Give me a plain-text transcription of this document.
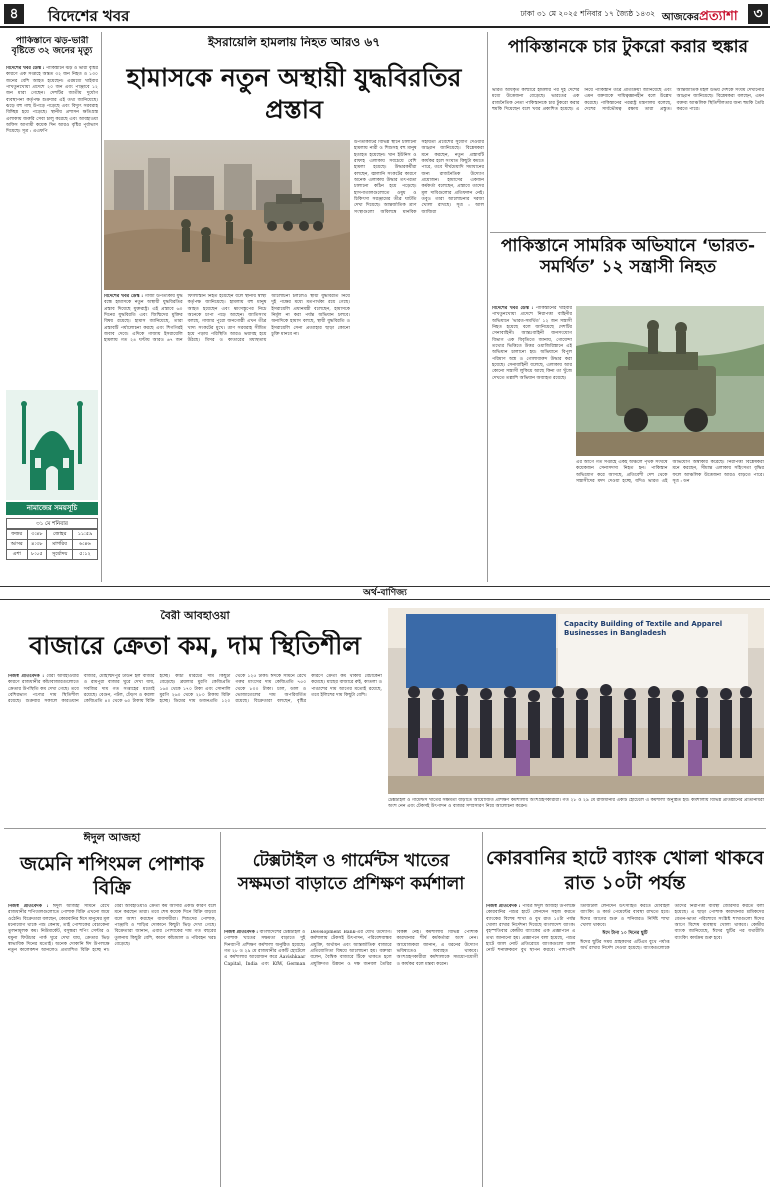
৪	বিদেশের খবর	ঢাকা ৩১ মে ২০২৫ শনিবার ১৭ জ্যৈষ্ঠ ১৪৩২ আজকেরপ্রত্যাশা	৩
পাকিস্তানে ঝড়-ভারী বৃষ্টিতে ৩২ জনের মৃত্যু
বিদেশের খবর ডেস্ক : পাকিস্তানে ঝড় ও ভারী বৃষ্টির কারণে এক সপ্তাহে অন্তত ৩২ জন নিহত ও ১৩০ জনের বেশি আহত হয়েছেন। এরমধ্যে খাইবার পাখতুনখোয়া প্রদেশে ২০ জন এবং পাঞ্জাবে ১২ জন মারা গেছেন। দেশটির জাতীয় দুর্যোগ ব্যবস্থাপনা কর্তৃপক্ষ শুক্রবার এই তথ্য জানিয়েছে। ঝড়ে বহু গাছ উপড়ে পড়েছে এবং বিদ্যুৎ সরবরাহ বিচ্ছিন্ন হয়ে পড়েছে। স্থানীয় প্রশাসন ক্ষতিগ্রস্ত এলাকায় জরুরি সেবা চালু করেছে এবং আবহাওয়া অফিস আগামী কয়েক দিন আরও বৃষ্টির পূর্বাভাস দিয়েছে। সূত্র : এএফপি
নামাজের সময়সূচি
৩১ মে শনিবার
ফজর	৩:৪৮	জোহর	১১:৫৯
আসর	৪:৩৮	মাগরিব	৬:৪৬
এশা	৮:০৫	সূর্যোদয়	৫:১২
ইসরায়েলি হামলায় নিহত আরও ৬৭
হামাসকে নতুন অস্থায়ী যুদ্ধবিরতির প্রস্তাব
বিদেশের খবর ডেস্ক : গাজা উপত্যকায় যুদ্ধ বন্ধে হামাসকে নতুন অস্থায়ী যুদ্ধবিরতির প্রস্তাব দিয়েছে যুক্তরাষ্ট্র। এই প্রস্তাবে ৬০ দিনের যুদ্ধবিরতি এবং জিম্মিদের মুক্তির বিষয় রয়েছে। হামাস জানিয়েছে, তারা প্রস্তাবটি পর্যালোচনা করছে এবং শিগগিরই জবাব দেবে। এদিকে গাজায় ইসরায়েলি হামলায় গত ২৪ ঘণ্টায় আরও ৬৭ জন ফিলিস্তিনি নিহত হয়েছেন বলে স্থানীয় স্বাস্থ্য কর্তৃপক্ষ জানিয়েছে। হামলায় বহু মানুষ আহত হয়েছেন এবং ধ্বংসস্তূপের নিচে অনেকে চাপা পড়ে আছেন। জাতিসংঘ বলছে, গাজার পুরো জনগোষ্ঠী এখন তীব্র খাদ্য সংকটের মুখে। ত্রাণ সরবরাহ সীমিত হয়ে পড়ায় পরিস্থিতি আরও ভয়াবহ হয়ে উঠছে। মিসর ও কাতারের মধ্যস্থতায় আলোচনা চললেও স্থায়ী যুদ্ধবিরতি নিয়ে দুই পক্ষের মধ্যে মতপার্থক্য রয়ে গেছে। ইসরায়েলি প্রধানমন্ত্রী বলেছেন, হামাসকে নির্মূল না করা পর্যন্ত অভিযান চলবে। অন্যদিকে হামাস বলছে, স্থায়ী যুদ্ধবিরতি ও ইসরায়েলি সেনা প্রত্যাহার ছাড়া কোনো চুক্তি মানবে না।
উপত্যকাটির বিভিন্ন স্থানে চালানো হামলায় নারী ও শিশুসহ বহু মানুষ হতাহত হয়েছেন। খান ইউনিস ও রাফাহ এলাকায় সবচেয়ে বেশি হামলা হয়েছে। উদ্ধারকর্মীরা বলছেন, জ্বালানি সংকটের কারণে অনেক এলাকায় উদ্ধার তৎপরতা চালানো কঠিন হয়ে পড়েছে। হাসপাতালগুলোতে ওষুধ ও চিকিৎসা সরঞ্জামের তীব্র ঘাটতি দেখা দিয়েছে। আন্তর্জাতিক ত্রাণ সংস্থাগুলো অবিলম্বে মানবিক সহায়তা প্রবেশের সুযোগ দেওয়ার আহ্বান জানিয়েছে। বিশ্লেষকরা মনে করছেন, নতুন প্রস্তাবটি কার্যকর হলে সংঘাত কিছুটা কমতে পারে, তবে দীর্ঘমেয়াদি সমাধানের জন্য রাজনৈতিক উদ্যোগ প্রয়োজন। হামাসের একজন কর্মকর্তা বলেছেন, প্রস্তাবে তাদের মূল দাবিগুলোর প্রতিফলন নেই। তবুও তারা আলোচনার দরজা খোলা রাখছে। সূত্র : আল জাজিরা
পাকিস্তানকে চার টুকরো করার হুঙ্কার
ভারত অধিকৃত কাশ্মীরে হামলার পর দুই দেশের মধ্যে উত্তেজনা বেড়েছে। ভারতের এক রাজনৈতিক নেতা পাকিস্তানকে চার টুকরো করার হুমকি দিয়েছেন বলে খবর প্রকাশিত হয়েছে। এ নিয়ে পাকিস্তান তীব্র প্রতিক্রিয়া জানিয়েছে এবং এমন বক্তব্যকে দায়িত্বজ্ঞানহীন বলে উল্লেখ করেছে। পাকিস্তানের পররাষ্ট্র মন্ত্রণালয় বলেছে, দেশের সার্বভৌমত্ব রক্ষায় তারা প্রস্তুত। আন্তর্জাতিক মহল উভয় দেশকে সংযম দেখানোর আহ্বান জানিয়েছে। বিশ্লেষকরা বলছেন, এমন বক্তব্য আঞ্চলিক স্থিতিশীলতার জন্য হুমকি তৈরি করতে পারে।
পাকিস্তানে সামরিক অভিযানে ‘ভারত-সমর্থিত’ ১২ সন্ত্রাসী নিহত
বিদেশের খবর ডেস্ক : পাকিস্তানের খাইবার পাখতুনখোয়া প্রদেশে নিরাপত্তা বাহিনীর অভিযানে ‘ভারত-সমর্থিত’ ১২ জন সন্ত্রাসী নিহত হয়েছে বলে জানিয়েছে দেশটির সেনাবাহিনী। আন্তঃবাহিনী জনসংযোগ বিভাগ এক বিবৃতিতে জানায়, গোয়েন্দা তথ্যের ভিত্তিতে উত্তর ওয়াজিরিস্তানে এই অভিযান চালানো হয়। অভিযানে বিপুল পরিমাণ অস্ত্র ও গোলাবারুদ উদ্ধার করা হয়েছে। সেনাবাহিনী বলেছে, এলাকায় আর কোনো সন্ত্রাসী লুকিয়ে আছে কিনা তা খুঁজে দেখতে তল্লাশি অভিযান অব্যাহত রয়েছে।
এর আগে গত সপ্তাহে একই অঞ্চলে পৃথক সংঘর্ষে কয়েকজন সেনাসদস্য নিহত হন। পাকিস্তান অভিযোগ করে আসছে, প্রতিবেশী দেশ থেকে সন্ত্রাসীদের মদদ দেওয়া হচ্ছে, যদিও ভারত এই অভিযোগ অস্বীকার করেছে। নিরাপত্তা বিশ্লেষকরা মনে করছেন, সীমান্ত এলাকায় সহিংসতা বৃদ্ধির ফলে আঞ্চলিক উত্তেজনা আরও বাড়তে পারে। সূত্র : ডন
অর্থ-বাণিজ্য
বৈরী আবহাওয়া
বাজারে ক্রেতা কম, দাম স্থিতিশীল
নিজস্ব প্রতিবেদক : বৈরী আবহাওয়ার কারণে রাজধানীর কাঁচাবাজারগুলোতে ক্রেতার উপস্থিতি কম দেখা গেছে। তবে বেশিরভাগ পণ্যের দাম স্থিতিশীল রয়েছে। শুক্রবার সকালে কারওয়ান বাজার, মোহাম্মদপুর টাউন হল বাজার ও রামপুরা বাজার ঘুরে দেখা যায়, সবজির দাম গত সপ্তাহের মতোই রয়েছে। বেগুন, পটল, ঢেঁড়স ও করলা কেজিপ্রতি ৪০ থেকে ৬০ টাকায় বিক্রি হচ্ছে। কাঁচা মরিচের দাম কিছুটা বেড়েছে। ব্রয়লার মুরগি কেজিপ্রতি ১৬০ থেকে ১৭০ টাকা এবং সোনালি মুরগি ২৬০ থেকে ২৮০ টাকায় বিক্রি হচ্ছে। ডিমের দাম ডজনপ্রতি ১২০ থেকে ১২৫ টাকা। ঈদকে সামনে রেখে গরুর মাংসের দাম কেজিপ্রতি ৭৫০ থেকে ৮০০ টাকা। চাল, ডাল ও ভোজ্যতেলের দাম অপরিবর্তিত রয়েছে। বিক্রেতারা বলছেন, বৃষ্টির কারণে ক্রেতা কম থাকায় বেচাকেনা কমেছে। মাছের বাজারে রুই, কাতলা ও পাঙাশের দাম আগের মতোই রয়েছে, তবে ইলিশের দাম কিছুটা বেশি।
Capacity Building of Textile and Apparel Businesses in Bangladesh
টেক্সটাইল ও গার্মেন্টস খাতের সক্ষমতা বাড়াতে আয়োজিত প্রশিক্ষণ কর্মশালায় অংশগ্রহণকারীরা। গত ২৮ ও ২৯ মে রাজধানীর একটি হোটেলে এ কর্মশালা অনুষ্ঠিত হয়। কর্মশালায় বিভিন্ন প্রতিষ্ঠানের প্রতিনিধিরা অংশ নেন এবং টেকসই উৎপাদন ও বাজার সম্প্রসারণ নিয়ে আলোচনা করেন।
ঈদুল আজহা
জমেনি শপিংমল পোশাক বিক্রি
নিজস্ব প্রতিবেদক : ঈদুল আজহা সামনে রেখে রাজধানীর শপিংমলগুলোতে পোশাক বিক্রি এখনো জমে ওঠেনি। বিক্রেতারা বলছেন, কোরবানির ঈদে মানুষের মূল মনোযোগ থাকে পশু কেনায়, তাই পোশাকের বেচাকেনা তুলনামূলক কম। নিউমার্কেট, বসুন্ধরা শপিং সেন্টার ও যমুনা ফিউচার পার্ক ঘুরে দেখা যায়, ক্রেতার ভিড় স্বাভাবিক দিনের মতোই। অনেক দোকানি ঈদ উপলক্ষে নতুন কালেকশন আনলেও প্রত্যাশিত বিক্রি হচ্ছে না। বৈরী আবহাওয়াও ক্রেতা কম আসার একটি কারণ বলে মনে করছেন তারা। তবে শেষ কয়েক দিনে বিক্রি বাড়বে বলে আশা করছেন ব্যবসায়ীরা। শিশুদের পোশাক, পাঞ্জাবি ও শাড়ির দোকানে কিছুটা ভিড় দেখা গেছে। বিক্রেতারা জানান, এবার পোশাকের দাম গত বছরের তুলনায় কিছুটা বেশি, কারণ কাঁচামাল ও পরিবহন খরচ বেড়েছে।
টেক্সটাইল ও গার্মেন্টস খাতের সক্ষমতা বাড়াতে প্রশিক্ষণ কর্মশালা
নিজস্ব প্রতিবেদক : বাংলাদেশের টেক্সটাইল ও পোশাক খাতের সক্ষমতা বাড়াতে দুই দিনব্যাপী প্রশিক্ষণ কর্মশালা অনুষ্ঠিত হয়েছে। গত ২৮ ও ২৯ মে রাজধানীর একটি হোটেলে এ কর্মশালার আয়োজন করে Aavishkaar Capital, India এবং KfW, German Development Bank-এর যৌথ উদ্যোগ। কর্মশালায় টেকসই উৎপাদন, পরিবেশবান্ধব প্রযুক্তি, অর্থায়ন এবং আন্তর্জাতিক বাজারে প্রতিযোগিতা বিষয়ে আলোচনা হয়। বক্তারা বলেন, বৈশ্বিক বাজারে টিকে থাকতে হলে প্রযুক্তিগত উন্নয়ন ও দক্ষ জনবল তৈরির বিকল্প নেই। কর্মশালায় বিভিন্ন পোশাক কারখানার শীর্ষ কর্মকর্তারা অংশ নেন। আয়োজকরা জানান, এ ধরনের উদ্যোগ ভবিষ্যতেও অব্যাহত থাকবে। অংশগ্রহণকারীরা কর্মশালাকে সময়োপযোগী ও কার্যকর বলে মন্তব্য করেন।
কোরবানির হাটে ব্যাংক খোলা থাকবে রাত ১০টা পর্যন্ত
নিজস্ব প্রতিবেদক : পবিত্র ঈদুল আজহা উপলক্ষে কোরবানির পশুর হাটে লেনদেন সহজ করতে ব্যাংকের বিশেষ শাখা ও বুথ রাত ১০টা পর্যন্ত খোলা রাখার নির্দেশনা দিয়েছে বাংলাদেশ ব্যাংক। বৃহস্পতিবার কেন্দ্রীয় ব্যাংকের এক প্রজ্ঞাপনে এ তথ্য জানানো হয়। প্রজ্ঞাপনে বলা হয়েছে, পশুর হাটে জাল নোট প্রতিরোধে ব্যাংকগুলো জাল নোট শনাক্তকরণ বুথ স্থাপন করবে। পাশাপাশি ডিজিটাল লেনদেন উৎসাহিত করতে মোবাইল ব্যাংকিং ও কার্ড পেমেন্টের ব্যবস্থা রাখতে হবে। ঈদের আগের শুক্র ও শনিবারও নির্দিষ্ট শাখা খোলা থাকবে।
ঈদে টানা ১০ দিনের ছুটি
ঈদের ছুটির সময় গ্রাহকদের এটিএম বুথে পর্যাপ্ত অর্থ রাখার নির্দেশ দেওয়া হয়েছে। ব্যাংকগুলোকে তাদের নিরাপত্তা ব্যবস্থা জোরদার করতে বলা হয়েছে। এ ছাড়া পোশাক কারখানার শ্রমিকদের বেতন-ভাতা পরিশোধে সংশ্লিষ্ট শাখাগুলো ঈদের আগে বিশেষ ব্যবস্থায় খোলা থাকবে। কেন্দ্রীয় ব্যাংক জানিয়েছে, ঈদের ছুটির পর যথারীতি ব্যাংকিং কার্যক্রম শুরু হবে।
